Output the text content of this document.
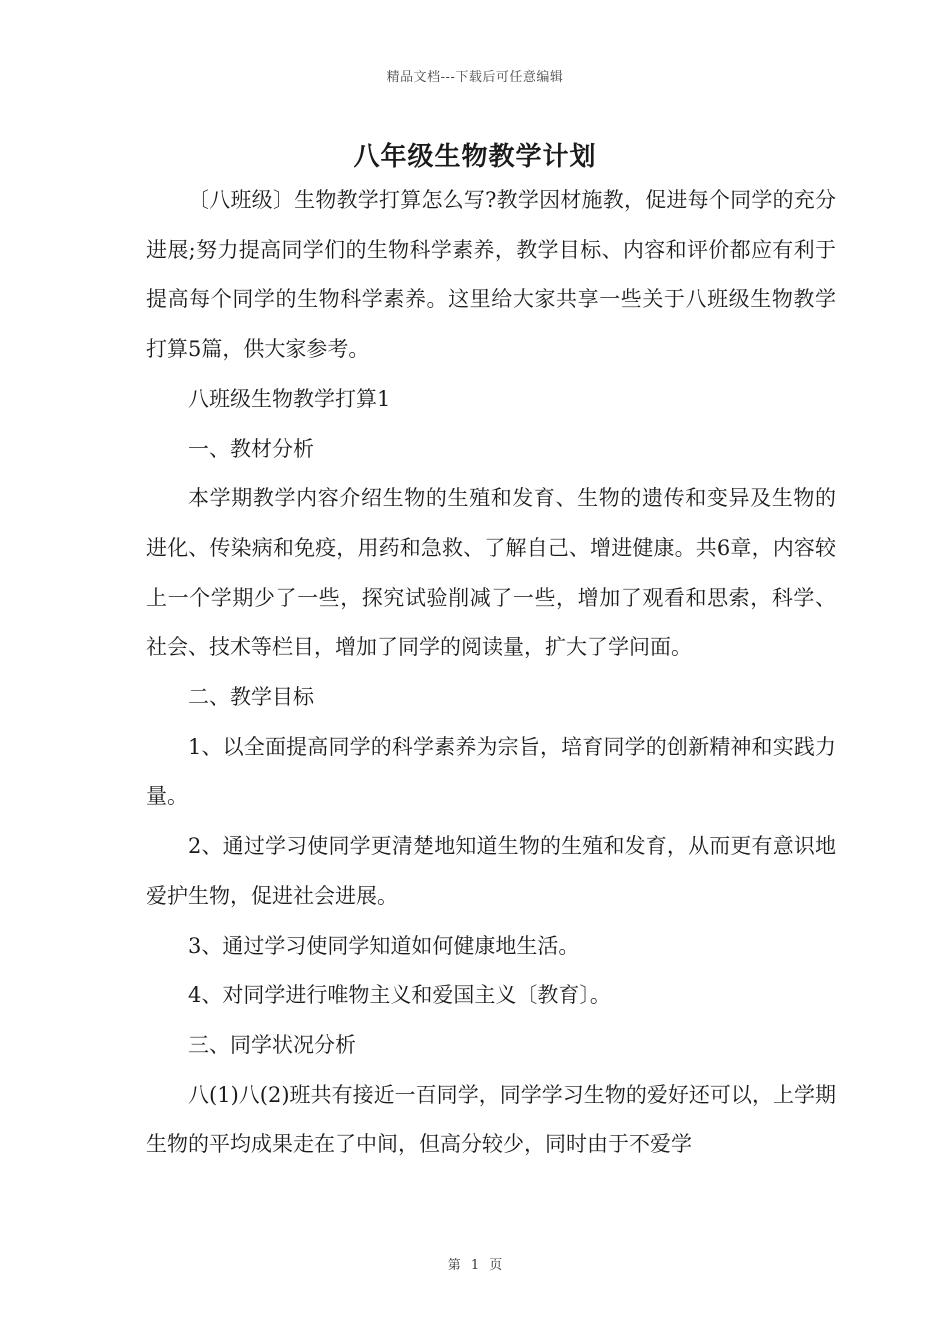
精品文档---下载后可任意编辑
八年级生物教学计划

〔八班级〕生物教学打算怎么写?教学因材施教，促进每个同学的充分进展;努力提高同学们的生物科学素养，教学目标、内容和评价都应有利于提高每个同学的生物科学素养。这里给大家共享一些关于八班级生物教学打算5篇，供大家参考。

八班级生物教学打算1

一、教材分析

本学期教学内容介绍生物的生殖和发育、生物的遗传和变异及生物的进化、传染病和免疫，用药和急救、了解自己、增进健康。共6章，内容较上一个学期少了一些，探究试验削减了一些，增加了观看和思索，科学、社会、技术等栏目，增加了同学的阅读量，扩大了学问面。

二、教学目标

1、以全面提高同学的科学素养为宗旨，培育同学的创新精神和实践力量。

2、通过学习使同学更清楚地知道生物的生殖和发育，从而更有意识地爱护生物，促进社会进展。

3、通过学习使同学知道如何健康地生活。

4、对同学进行唯物主义和爱国主义〔教育〕。

三、同学状况分析

八(1)八(2)班共有接近一百同学，同学学习生物的爱好还可以，上学期生物的平均成果走在了中间，但高分较少，同时由于不爱学

第 1 页
